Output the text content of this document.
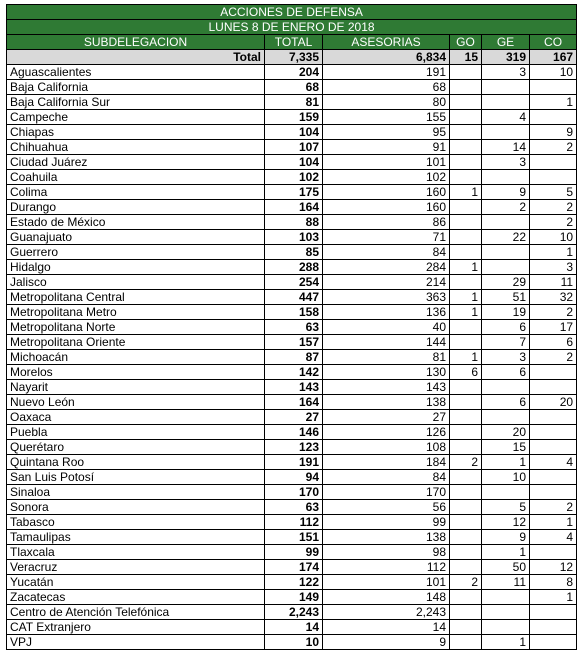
ACCIONES DE DEFENSA					
LUNES 8 DE ENERO DE 2018					
SUBDELEGACION	TOTAL	ASESORIAS	GO	GE	CO
Total	7,335	6,834	15	319	167
Aguascalientes	204	191		3	10
Baja California	68	68			
Baja California Sur	81	80			1
Campeche	159	155		4	
Chiapas	104	95			9
Chihuahua	107	91		14	2
Ciudad Juárez	104	101		3	
Coahuila	102	102			
Colima	175	160	1	9	5
Durango	164	160		2	2
Estado de México	88	86			2
Guanajuato	103	71		22	10
Guerrero	85	84			1
Hidalgo	288	284	1		3
Jalisco	254	214		29	11
Metropolitana Central	447	363	1	51	32
Metropolitana Metro	158	136	1	19	2
Metropolitana Norte	63	40		6	17
Metropolitana Oriente	157	144		7	6
Michoacán	87	81	1	3	2
Morelos	142	130	6	6	
Nayarit	143	143			
Nuevo León	164	138		6	20
Oaxaca	27	27			
Puebla	146	126		20	
Querétaro	123	108		15	
Quintana Roo	191	184	2	1	4
San Luis Potosí	94	84		10	
Sinaloa	170	170			
Sonora	63	56		5	2
Tabasco	112	99		12	1
Tamaulipas	151	138		9	4
Tlaxcala	99	98		1	
Veracruz	174	112		50	12
Yucatán	122	101	2	11	8
Zacatecas	149	148			1
Centro de Atención Telefónica	2,243	2,243			
CAT Extranjero	14	14			
VPJ	10	9		1	
